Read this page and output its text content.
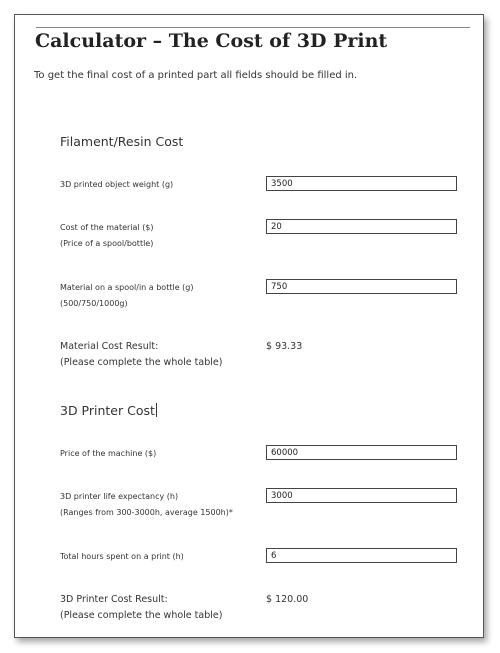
Calculator – The Cost of 3D Print
To get the final cost of a printed part all fields should be filled in.
Filament/Resin Cost
3D printed object weight (g)
3500
Cost of the material ($)
(Price of a spool/bottle)
20
Material on a spool/in a bottle (g)
(500/750/1000g)
750
Material Cost Result:
(Please complete the whole table)
$ 93.33
3D Printer Cost
Price of the machine ($)
60000
3D printer life expectancy (h)
(Ranges from 300-3000h, average 1500h)*
3000
Total hours spent on a print (h)
6
3D Printer Cost Result:
(Please complete the whole table)
$ 120.00
